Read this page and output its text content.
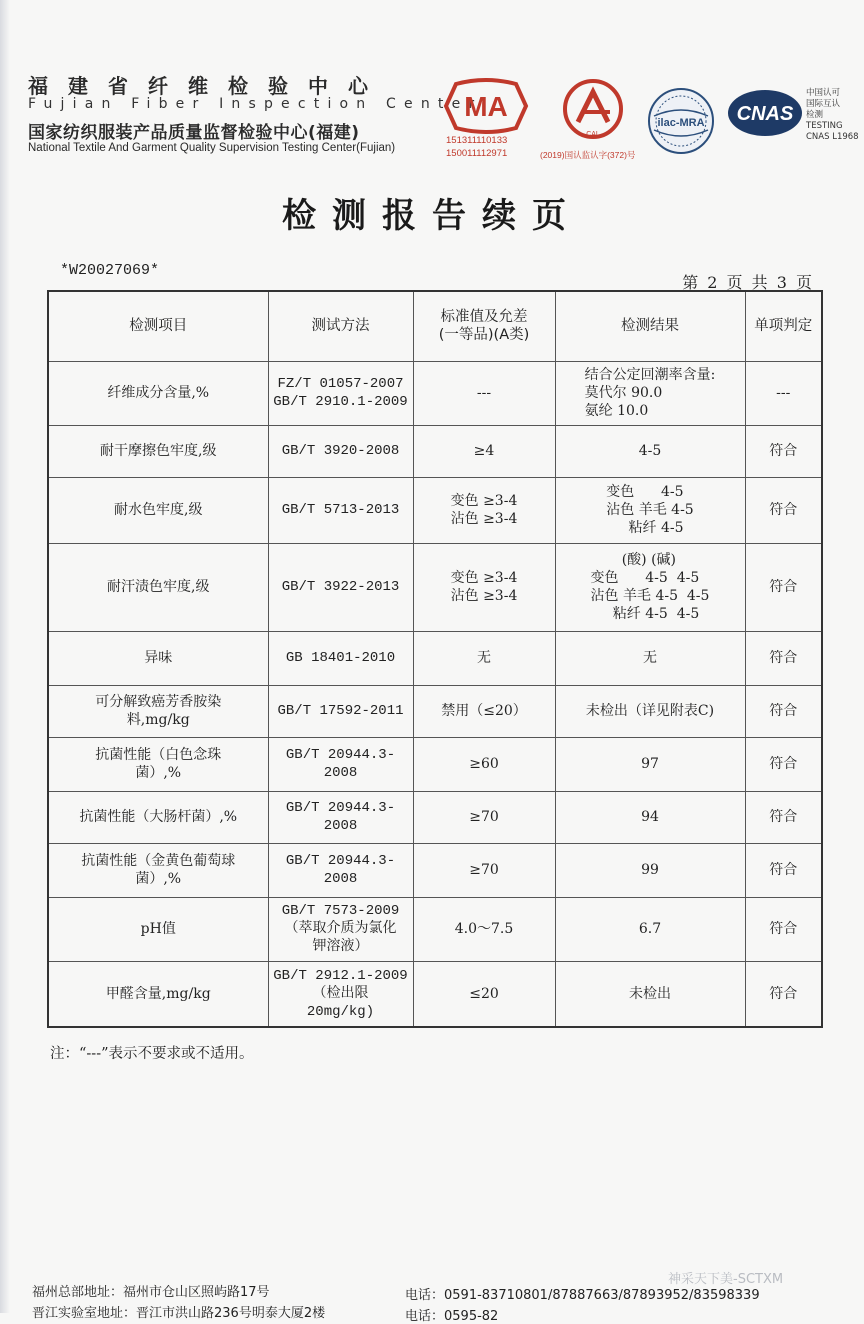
福建省纤维检验中心
Fujian Fiber Inspection Center
国家纺织服装产品质量监督检验中心(福建)
National Textile And Garment Quality Supervision Testing Center(Fujian)
MA
151311110133
150011112971
CAL
(2019)国认监认字(372)号
ilac-MRA CNAS
中国认可
国际互认
检测
TESTING
CNAS L1968
检测报告续页
*W20027069*
第 2 页 共 3 页
检测项目	测试方法	标准值及允差
(一等品)(A类)	检测结果	单项判定

纤维成分含量,%	FZ/T 01057-2007
GB/T 2910.1-2009	---	结合公定回潮率含量:
莫代尔 90.0
氨纶 10.0	---

耐干摩擦色牢度,级	GB/T 3920-2008	≥4	4-5	符合

耐水色牢度,级	GB/T 5713-2013	变色 ≥3-4
沾色 ≥3-4	变色      4-5
沾色 羊毛 4-5
粘纤 4-5	符合

耐汗渍色牢度,级	GB/T 3922-2013	变色 ≥3-4
沾色 ≥3-4	(酸) (碱)
变色      4-5  4-5
沾色 羊毛 4-5  4-5
粘纤 4-5  4-5	符合

异味	GB 18401-2010	无	无	符合

可分解致癌芳香胺染
料,mg/kg	GB/T 17592-2011	禁用（≤20）	未检出（详见附表C)	符合

抗菌性能（白色念珠
菌）,%	GB/T 20944.3-
2008	≥60	97	符合

抗菌性能（大肠杆菌）,%	GB/T 20944.3-
2008	≥70	94	符合

抗菌性能（金黄色葡萄球
菌）,%	GB/T 20944.3-
2008	≥70	99	符合

pH值	GB/T 7573-2009
（萃取介质为氯化
钾溶液）	4.0～7.5	6.7	符合

甲醛含量,mg/kg	GB/T 2912.1-2009
（检出限
20mg/kg)	≤20	未检出	符合
注：“---”表示不要求或不适用。
福州总部地址：福州市仓山区照屿路17号
晋江实验室地址：晋江市洪山路236号明泰大厦2楼
电话：0591-83710801/87887663/87893952/83598339
电话：0595-82
神采天下美-SCTXM
